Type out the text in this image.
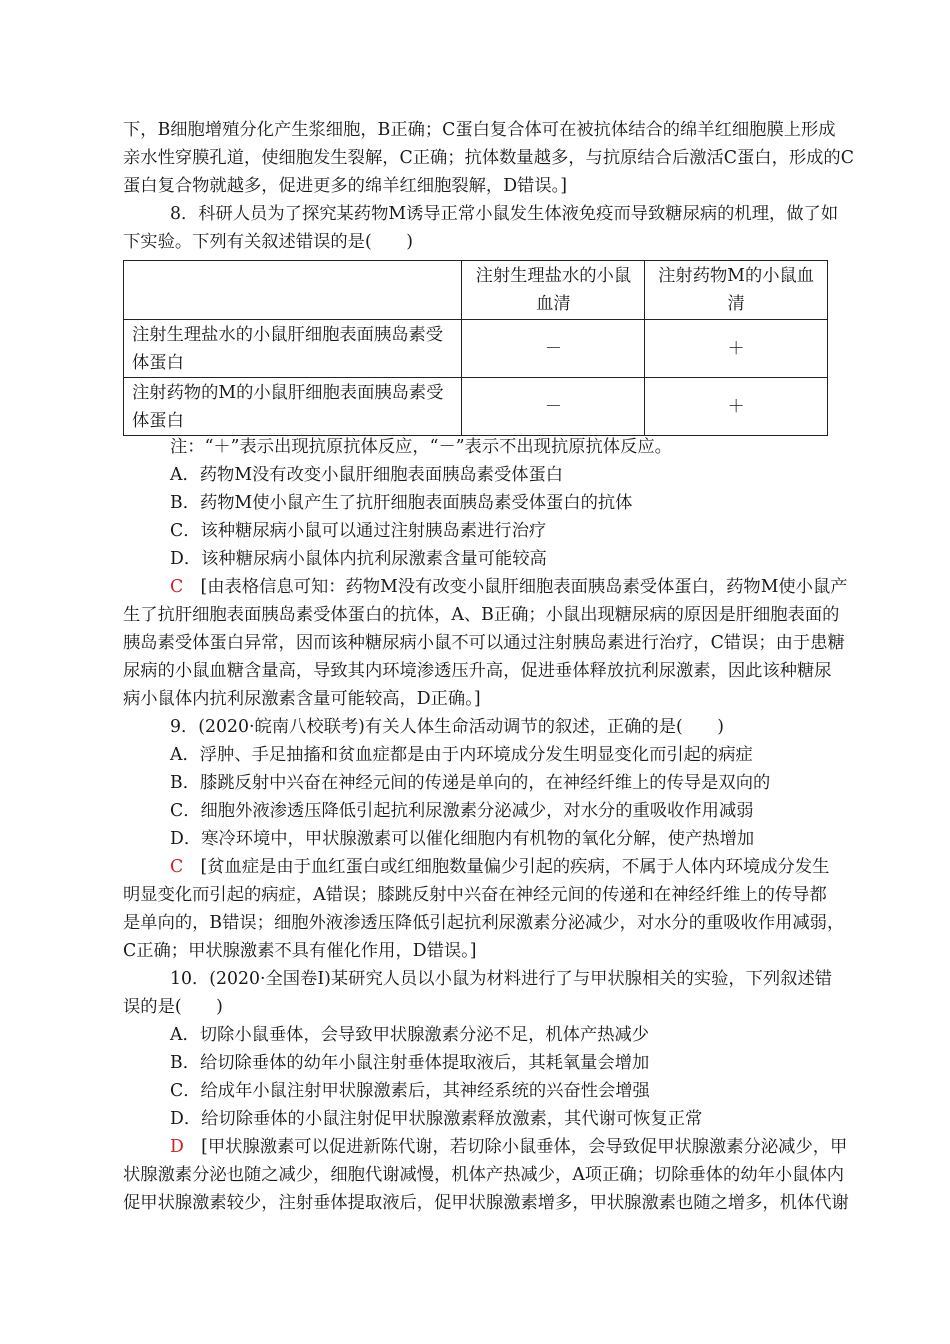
下，B细胞增殖分化产生浆细胞，B正确；C蛋白复合体可在被抗体结合的绵羊红细胞膜上形成
亲水性穿膜孔道，使细胞发生裂解，C正确；抗体数量越多，与抗原结合后激活C蛋白，形成的C
蛋白复合物就越多，促进更多的绵羊红细胞裂解，D错误。]
8．科研人员为了探究某药物M诱导正常小鼠发生体液免疫而导致糖尿病的机理，做了如
下实验。下列有关叙述错误的是(　　)
	注射生理盐水的小鼠血清	注射药物M的小鼠血清
注射生理盐水的小鼠肝细胞表面胰岛素受体蛋白	－	＋
注射药物的M的小鼠肝细胞表面胰岛素受体蛋白	－	＋
注：“＋”表示出现抗原抗体反应，“－”表示不出现抗原抗体反应。
A．药物M没有改变小鼠肝细胞表面胰岛素受体蛋白
B．药物M使小鼠产生了抗肝细胞表面胰岛素受体蛋白的抗体
C．该种糖尿病小鼠可以通过注射胰岛素进行治疗
D．该种糖尿病小鼠体内抗利尿激素含量可能较高
C　 [由表格信息可知：药物M没有改变小鼠肝细胞表面胰岛素受体蛋白，药物M使小鼠产
生了抗肝细胞表面胰岛素受体蛋白的抗体，A、B正确；小鼠出现糖尿病的原因是肝细胞表面的
胰岛素受体蛋白异常，因而该种糖尿病小鼠不可以通过注射胰岛素进行治疗，C错误；由于患糖
尿病的小鼠血糖含量高，导致其内环境渗透压升高，促进垂体释放抗利尿激素，因此该种糖尿
病小鼠体内抗利尿激素含量可能较高，D正确。]
9．(2020·皖南八校联考)有关人体生命活动调节的叙述，正确的是(　　)
A．浮肿、手足抽搐和贫血症都是由于内环境成分发生明显变化而引起的病症
B．膝跳反射中兴奋在神经元间的传递是单向的，在神经纤维上的传导是双向的
C．细胞外液渗透压降低引起抗利尿激素分泌减少，对水分的重吸收作用减弱
D．寒冷环境中，甲状腺激素可以催化细胞内有机物的氧化分解，使产热增加
C　 [贫血症是由于血红蛋白或红细胞数量偏少引起的疾病，不属于人体内环境成分发生
明显变化而引起的病症，A错误；膝跳反射中兴奋在神经元间的传递和在神经纤维上的传导都
是单向的，B错误；细胞外液渗透压降低引起抗利尿激素分泌减少，对水分的重吸收作用减弱，
C正确；甲状腺激素不具有催化作用，D错误。]
10．(2020·全国卷Ⅰ)某研究人员以小鼠为材料进行了与甲状腺相关的实验，下列叙述错
误的是(　　)
A．切除小鼠垂体，会导致甲状腺激素分泌不足，机体产热减少
B．给切除垂体的幼年小鼠注射垂体提取液后，其耗氧量会增加
C．给成年小鼠注射甲状腺激素后，其神经系统的兴奋性会增强
D．给切除垂体的小鼠注射促甲状腺激素释放激素，其代谢可恢复正常
D　 [甲状腺激素可以促进新陈代谢，若切除小鼠垂体，会导致促甲状腺激素分泌减少，甲
状腺激素分泌也随之减少，细胞代谢减慢，机体产热减少，A项正确；切除垂体的幼年小鼠体内
促甲状腺激素较少，注射垂体提取液后，促甲状腺激素增多，甲状腺激素也随之增多，机体代谢
